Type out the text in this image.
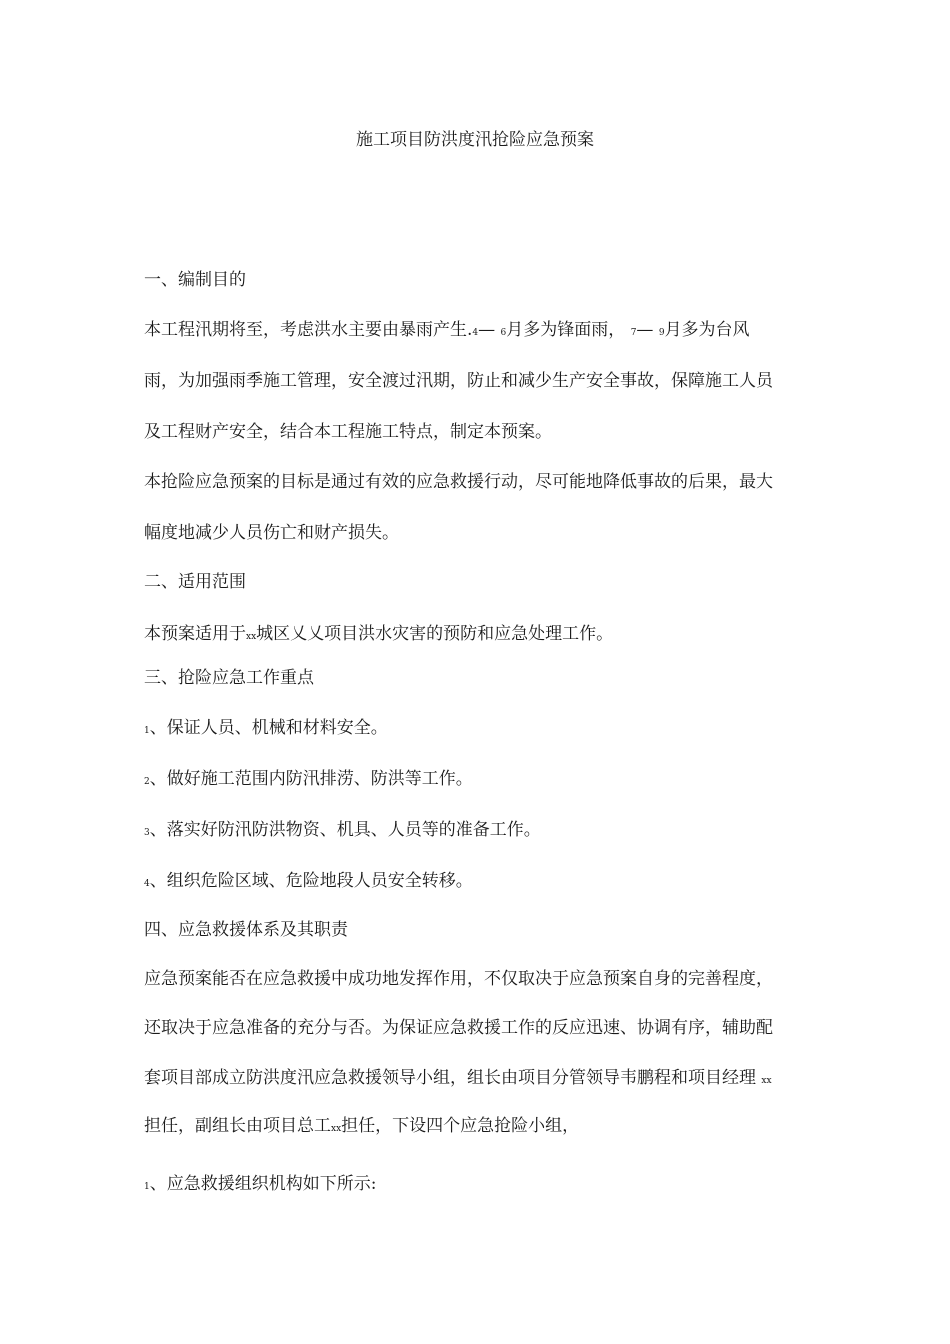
施工项目防洪度汛抢险应急预案
一、编制目的
本工程汛期将至，考虑洪水主要由暴雨产生.4— 6月多为锋面雨， 7— 9月多为台风
雨，为加强雨季施工管理，安全渡过汛期，防止和减少生产安全事故，保障施工人员
及工程财产安全，结合本工程施工特点，制定本预案。
本抢险应急预案的目标是通过有效的应急救援行动，尽可能地降低事故的后果，最大
幅度地减少人员伤亡和财产损失。
二、适用范围
本预案适用于xx城区乂乂项目洪水灾害的预防和应急处理工作。
三、抢险应急工作重点
1、保证人员、机械和材料安全。
2、做好施工范围内防汛排涝、防洪等工作。
3、落实好防汛防洪物资、机具、人员等的准备工作。
4、组织危险区域、危险地段人员安全转移。
四、应急救援体系及其职责
应急预案能否在应急救援中成功地发挥作用，不仅取决于应急预案自身的完善程度，
还取决于应急准备的充分与否。为保证应急救援工作的反应迅速、协调有序，辅助配
套项目部成立防洪度汛应急救援领导小组，组长由项目分管领导韦鹏程和项目经理 xx
担任，副组长由项目总工xx担任，下设四个应急抢险小组，
1、应急救援组织机构如下所示:
